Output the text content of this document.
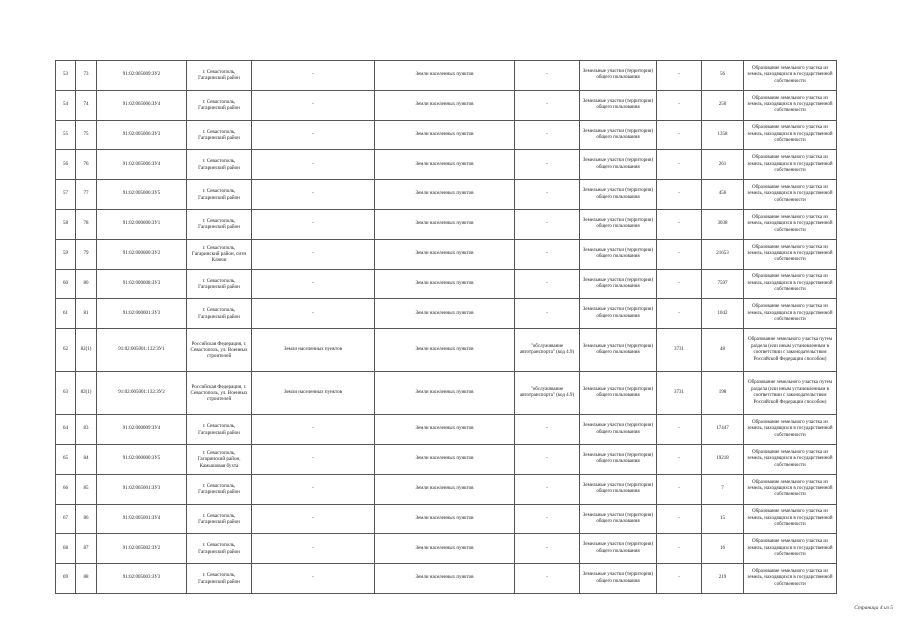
53	73	91:02:005009:ЗУ2	г. Севастополь, Гагаринский район	-	Земли населенных пунктов	-	Земельные участки (территории) общего пользования	-	56	Образование земельного участка из земель, находящихся в государственной собственности
54	74	91:02:005006:ЗУ4	г. Севастополь, Гагаринский район	-	Земли населенных пунктов	-	Земельные участки (территории) общего пользования	-	250	Образование земельного участка из земель, находящихся в государственной собственности
55	75	91:02:005006:ЗУ3	г. Севастополь, Гагаринский район	-	Земли населенных пунктов	-	Земельные участки (территории) общего пользования	-	1358	Образование земельного участка из земель, находящихся в государственной собственности
56	76	91:02:005006:ЗУ4	г. Севастополь, Гагаринский район	-	Земли населенных пунктов	-	Земельные участки (территории) общего пользования	-	261	Образование земельного участка из земель, находящихся в государственной собственности
57	77	91:02:005006:ЗУ5	г. Севастополь, Гагаринский район	-	Земли населенных пунктов	-	Земельные участки (территории) общего пользования	-	456	Образование земельного участка из земель, находящихся в государственной собственности
58	78	91:02:000000:ЗУ1	г. Севастополь, Гагаринский район	-	Земли населенных пунктов	-	Земельные участки (территории) общего пользования	-	3038	Образование земельного участка из земель, находящихся в государственной собственности
59	79	91:02:000000:ЗУ2	г. Севастополь, Гагаринский район, сити Ключи	-	Земли населенных пунктов	-	Земельные участки (территории) общего пользования	-	21653	Образование земельного участка из земель, находящихся в государственной собственности
60	80	91:02:000008:ЗУ3	г. Севастополь, Гагаринский район	-	Земли населенных пунктов	-	Земельные участки (территории) общего пользования	-	7597	Образование земельного участка из земель, находящихся в государственной собственности
61	81	91:02:000001:ЗУ3	г. Севастополь, Гагаринский район	-	Земли населенных пунктов	-	Земельные участки (территории) общего пользования	-	1042	Образование земельного участка из земель, находящихся в государственной собственности
62	82(1)	91:02:005001:132:ЗУ1	Российская Федерация, г. Севастополь, ул. Военных строителей	Земли населенных пунктов	Земли населенных пунктов	"обслуживание автотранспорта" (код 4.9)	Земельные участки (территории) общего пользования	3731	48	Образование земельного участка путем раздела (или иным установленным в соответствии с законодательством Российской Федерации способом)
63	82(1)	91:02:005001:132:ЗУ2	Российская Федерация, г. Севастополь, ул. Военных строителей	Земли населенных пунктов	Земли населенных пунктов	"обслуживание автотранспорта" (код 4.9)	Земельные участки (территории) общего пользования	3731	198	Образование земельного участка путем раздела (или иным установленным в соответствии с законодательством Российской Федерации способом)
64	83	91:02:000009:ЗУ4	г. Севастополь, Гагаринский район	-	Земли населенных пунктов	-	Земельные участки (территории) общего пользования	-	17447	Образование земельного участка из земель, находящихся в государственной собственности
65	84	91:02:000000:ЗУ5	г. Севастополь, Гагаринский район, Камышовая бухта	-	Земли населенных пунктов	-	Земельные участки (территории) общего пользования	-	19218	Образование земельного участка из земель, находящихся в государственной собственности
66	85	91:02:005001:ЗУ3	г. Севастополь, Гагаринский район	-	Земли населенных пунктов	-	Земельные участки (территории) общего пользования	-	7	Образование земельного участка из земель, находящихся в государственной собственности
67	86	91:02:005001:ЗУ4	г. Севастополь, Гагаринский район	-	Земли населенных пунктов	-	Земельные участки (территории) общего пользования	-	15	Образование земельного участка из земель, находящихся в государственной собственности
68	87	91:02:005002:ЗУ2	г. Севастополь, Гагаринский район	-	Земли населенных пунктов	-	Земельные участки (территории) общего пользования	-	16	Образование земельного участка из земель, находящихся в государственной собственности
69	88	91:02:005003:ЗУ3	г. Севастополь, Гагаринский район	-	Земли населенных пунктов	-	Земельные участки (территории) общего пользования	-	219	Образование земельного участка из земель, находящихся в государственной собственности
Страница 4 из 5
